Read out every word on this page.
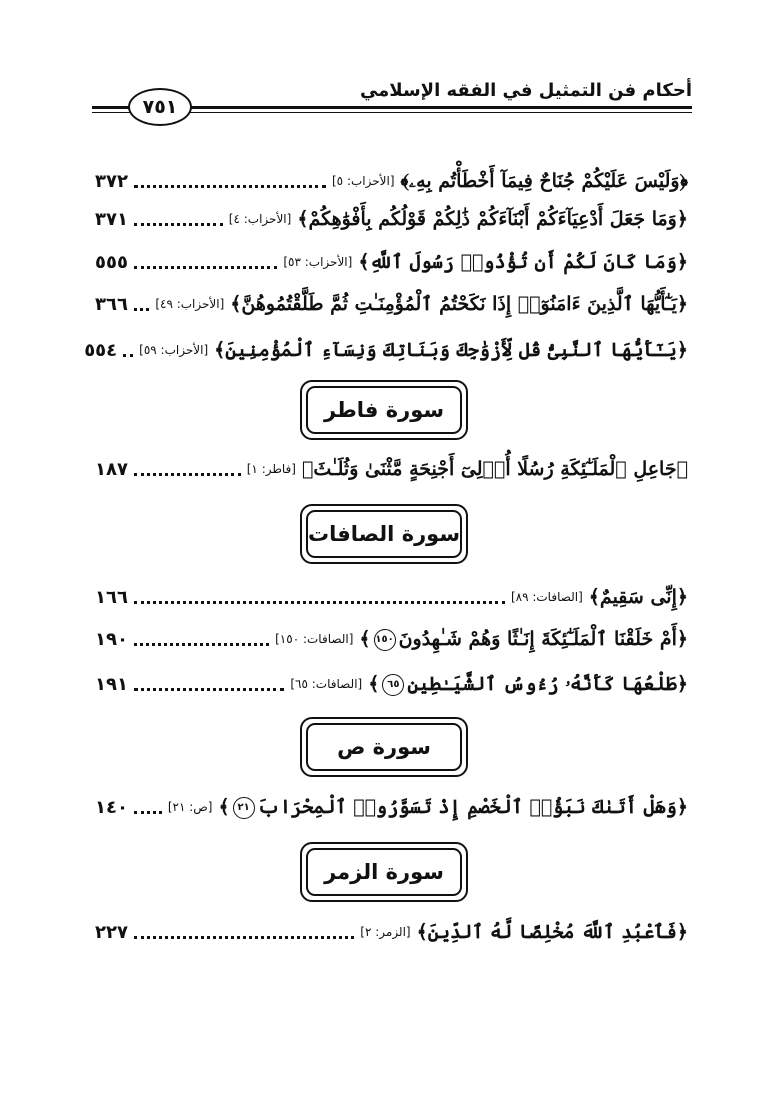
أحكام فن التمثيل في الفقه الإسلامي
٧٥١
﴿وَلَيْسَ عَلَيْكُمْ جُنَاحٌ فِيمَآ أَخْطَأْتُم بِهِۦ﴾
[الأحزاب: ٥]
٣٧٢
﴿وَمَا جَعَلَ أَدْعِيَآءَكُمْ أَبْنَآءَكُمْ ذَٰلِكُمْ قَوْلُكُم بِأَفْوَٰهِكُمْ﴾
[الأحزاب: ٤]
٣٧١
﴿وَمَا كَانَ لَكُمْ أَن تُؤْذُوا۟ رَسُولَ ٱللَّهِ﴾
[الأحزاب: ٥٣]
٥٥٥
﴿يَـٰٓأَيُّهَا ٱلَّذِينَ ءَامَنُوٓا۟ إِذَا نَكَحْتُمُ ٱلْمُؤْمِنَـٰتِ ثُمَّ طَلَّقْتُمُوهُنَّ﴾
[الأحزاب: ٤٩]
٣٦٦
﴿يَـٰٓأَيُّهَا ٱلنَّبِىُّ قُل لِّأَزْوَٰجِكَ وَبَنَاتِكَ وَنِسَآءِ ٱلْمُؤْمِنِينَ﴾
[الأحزاب: ٥٩]
٥٥٤
سورة فاطر
﴿جَاعِلِ ٱلْمَلَـٰٓئِكَةِ رُسُلًا أُو۟لِىٓ أَجْنِحَةٍ مَّثْنَىٰ وَثُلَـٰثَ﴾
[فاطر: ١]
١٨٧
سورة الصافات
﴿إِنِّى سَقِيمٌ﴾
[الصافات: ٨٩]
١٦٦
﴿أَمْ خَلَقْنَا ٱلْمَلَـٰٓئِكَةَ إِنَـٰثًا وَهُمْ شَـٰهِدُونَ١٥٠﴾
[الصافات: ١٥٠]
١٩٠
﴿طَلْعُهَا كَأَنَّهُۥ رُءُوسُ ٱلشَّيَـٰطِينِ٦٥﴾
[الصافات: ٦٥]
١٩١
سورة ص
﴿وَهَلْ أَتَىٰكَ نَبَؤُا۟ ٱلْخَصْمِ إِذْ تَسَوَّرُوا۟ ٱلْمِحْرَابَ٢١﴾
[ص: ٢١]
١٤٠
سورة الزمر
﴿فَٱعْبُدِ ٱللَّهَ مُخْلِصًا لَّهُ ٱلدِّينَ﴾
[الزمر: ٢]
٢٢٧
